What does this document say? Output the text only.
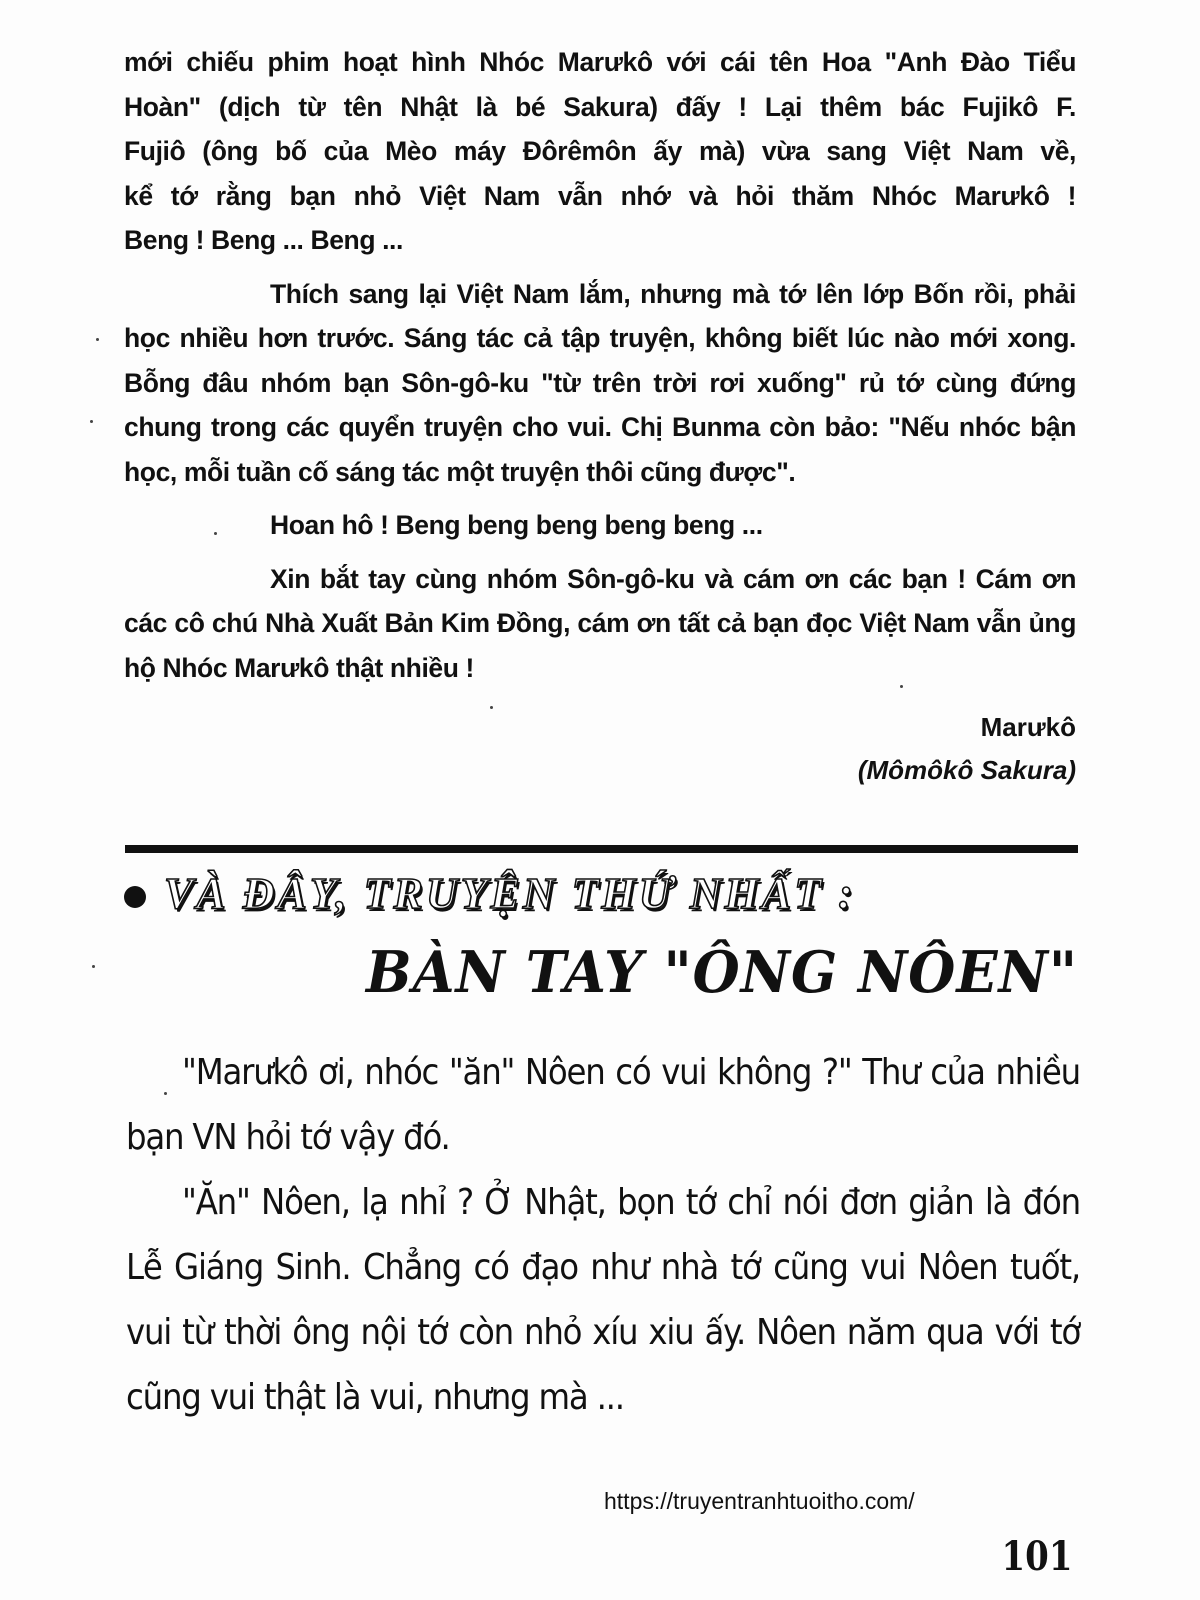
mới chiếu phim hoạt hình Nhóc Marưkô với cái tên Hoa "Anh Đào Tiểu

Hoàn" (dịch từ tên Nhật là bé Sakura) đấy ! Lại thêm bác Fujikô F.

Fujiô (ông bố của Mèo máy Đôrêmôn ấy mà) vừa sang Việt Nam về,

kể tớ rằng bạn nhỏ Việt Nam vẫn nhớ và hỏi thăm Nhóc Marưkô !

Beng ! Beng ... Beng ...

Thích sang lại Việt Nam lắm, nhưng mà tớ lên lớp Bốn rồi, phải học nhiều hơn trước. Sáng tác cả tập truyện, không biết lúc nào mới xong. Bỗng đâu nhóm bạn Sôn-gô-ku "từ trên trời rơi xuống" rủ tớ cùng đứng chung trong các quyển truyện cho vui. Chị Bunma còn bảo: "Nếu nhóc bận học, mỗi tuần cố sáng tác một truyện thôi cũng được".

Hoan hô ! Beng beng beng beng beng ...

Xin bắt tay cùng nhóm Sôn-gô-ku và cám ơn các bạn ! Cám ơn các cô chú Nhà Xuất Bản Kim Đồng, cám ơn tất cả bạn đọc Việt Nam vẫn ủng hộ Nhóc Marưkô thật nhiều !

Marưkô
(Mômôkô Sakura)
VÀ ĐÂY, TRUYỆN THỨ NHẤT :
BÀN TAY "ÔNG NÔEN"

"Marưkô ơi, nhóc "ăn" Nôen có vui không ?" Thư của nhiều bạn VN hỏi tớ vậy đó.

"Ăn" Nôen, lạ nhỉ ? Ở Nhật, bọn tớ chỉ nói đơn giản là đón Lễ Giáng Sinh. Chẳng có đạo như nhà tớ cũng vui Nôen tuốt, vui từ thời ông nội tớ còn nhỏ xíu xiu ấy. Nôen năm qua với tớ cũng vui thật là vui, nhưng mà ...

https://truyentranhtuoitho.com/
101
